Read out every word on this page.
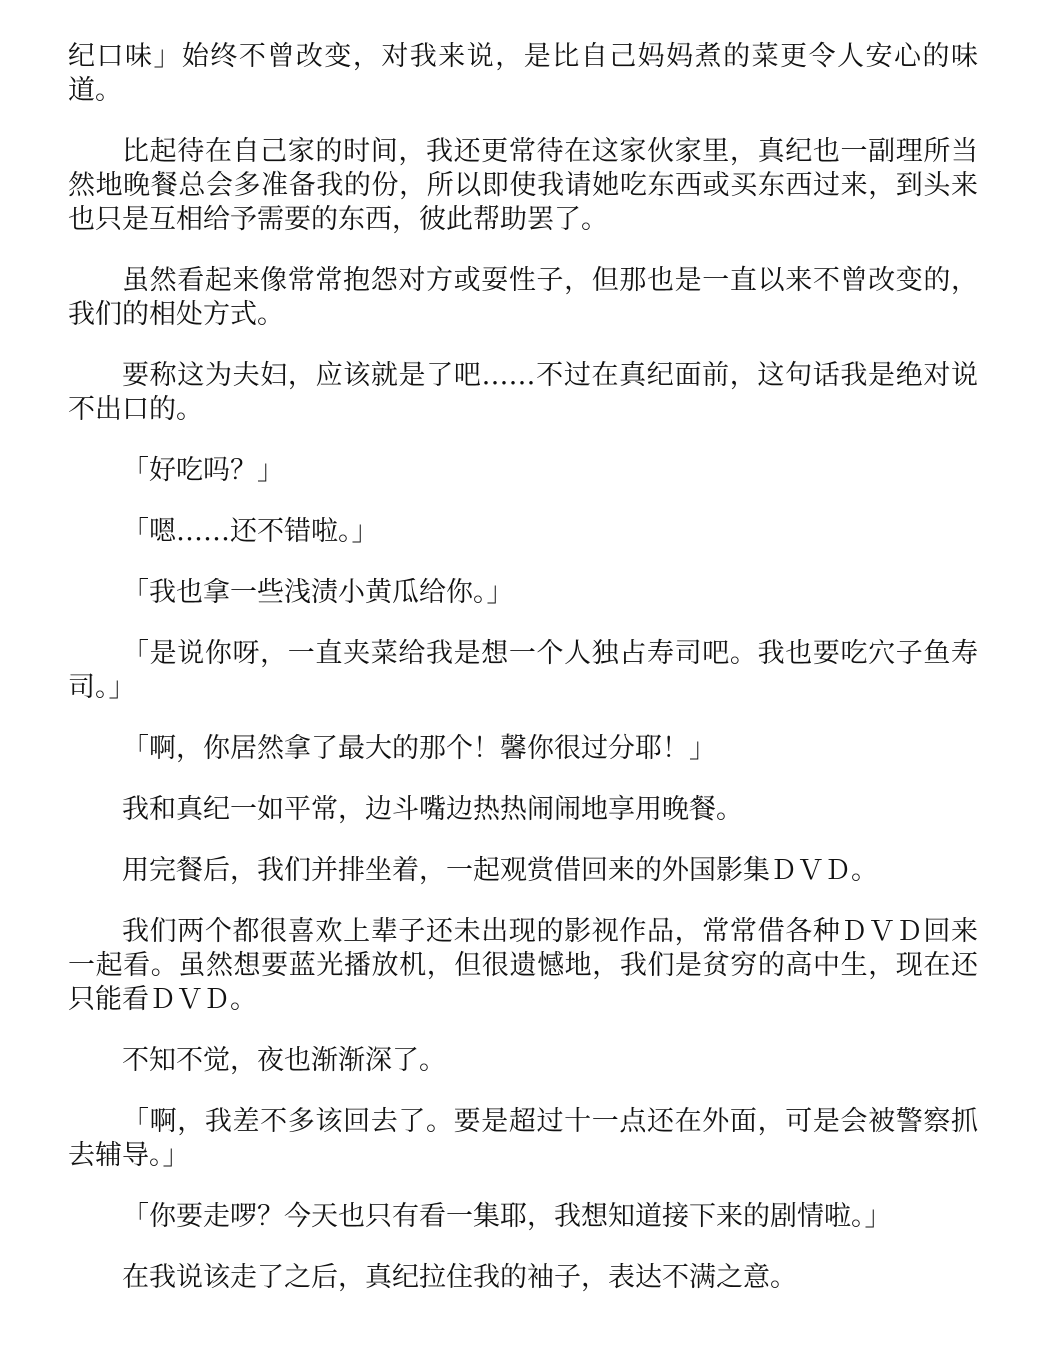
纪口味」始终不曾改变，对我来说，是比自己妈妈煮的菜更令人安心的味道。

比起待在自己家的时间，我还更常待在这家伙家里，真纪也一副理所当然地晚餐总会多准备我的份，所以即使我请她吃东西或买东西过来，到头来也只是互相给予需要的东西，彼此帮助罢了。

虽然看起来像常常抱怨对方或耍性子，但那也是一直以来不曾改变的，我们的相处方式。

要称这为夫妇，应该就是了吧……不过在真纪面前，这句话我是绝对说不出口的。

「好吃吗？」

「嗯……还不错啦。」

「我也拿一些浅渍小黄瓜给你。」

「是说你呀，一直夹菜给我是想一个人独占寿司吧。我也要吃穴子鱼寿司。」

「啊，你居然拿了最大的那个！馨你很过分耶！」

我和真纪一如平常，边斗嘴边热热闹闹地享用晚餐。

用完餐后，我们并排坐着，一起观赏借回来的外国影集ＤＶＤ。

我们两个都很喜欢上辈子还未出现的影视作品，常常借各种ＤＶＤ回来一起看。虽然想要蓝光播放机，但很遗憾地，我们是贫穷的高中生，现在还只能看ＤＶＤ。

不知不觉，夜也渐渐深了。

「啊，我差不多该回去了。要是超过十一点还在外面，可是会被警察抓去辅导。」

「你要走啰？今天也只有看一集耶，我想知道接下来的剧情啦。」

在我说该走了之后，真纪拉住我的袖子，表达不满之意。
